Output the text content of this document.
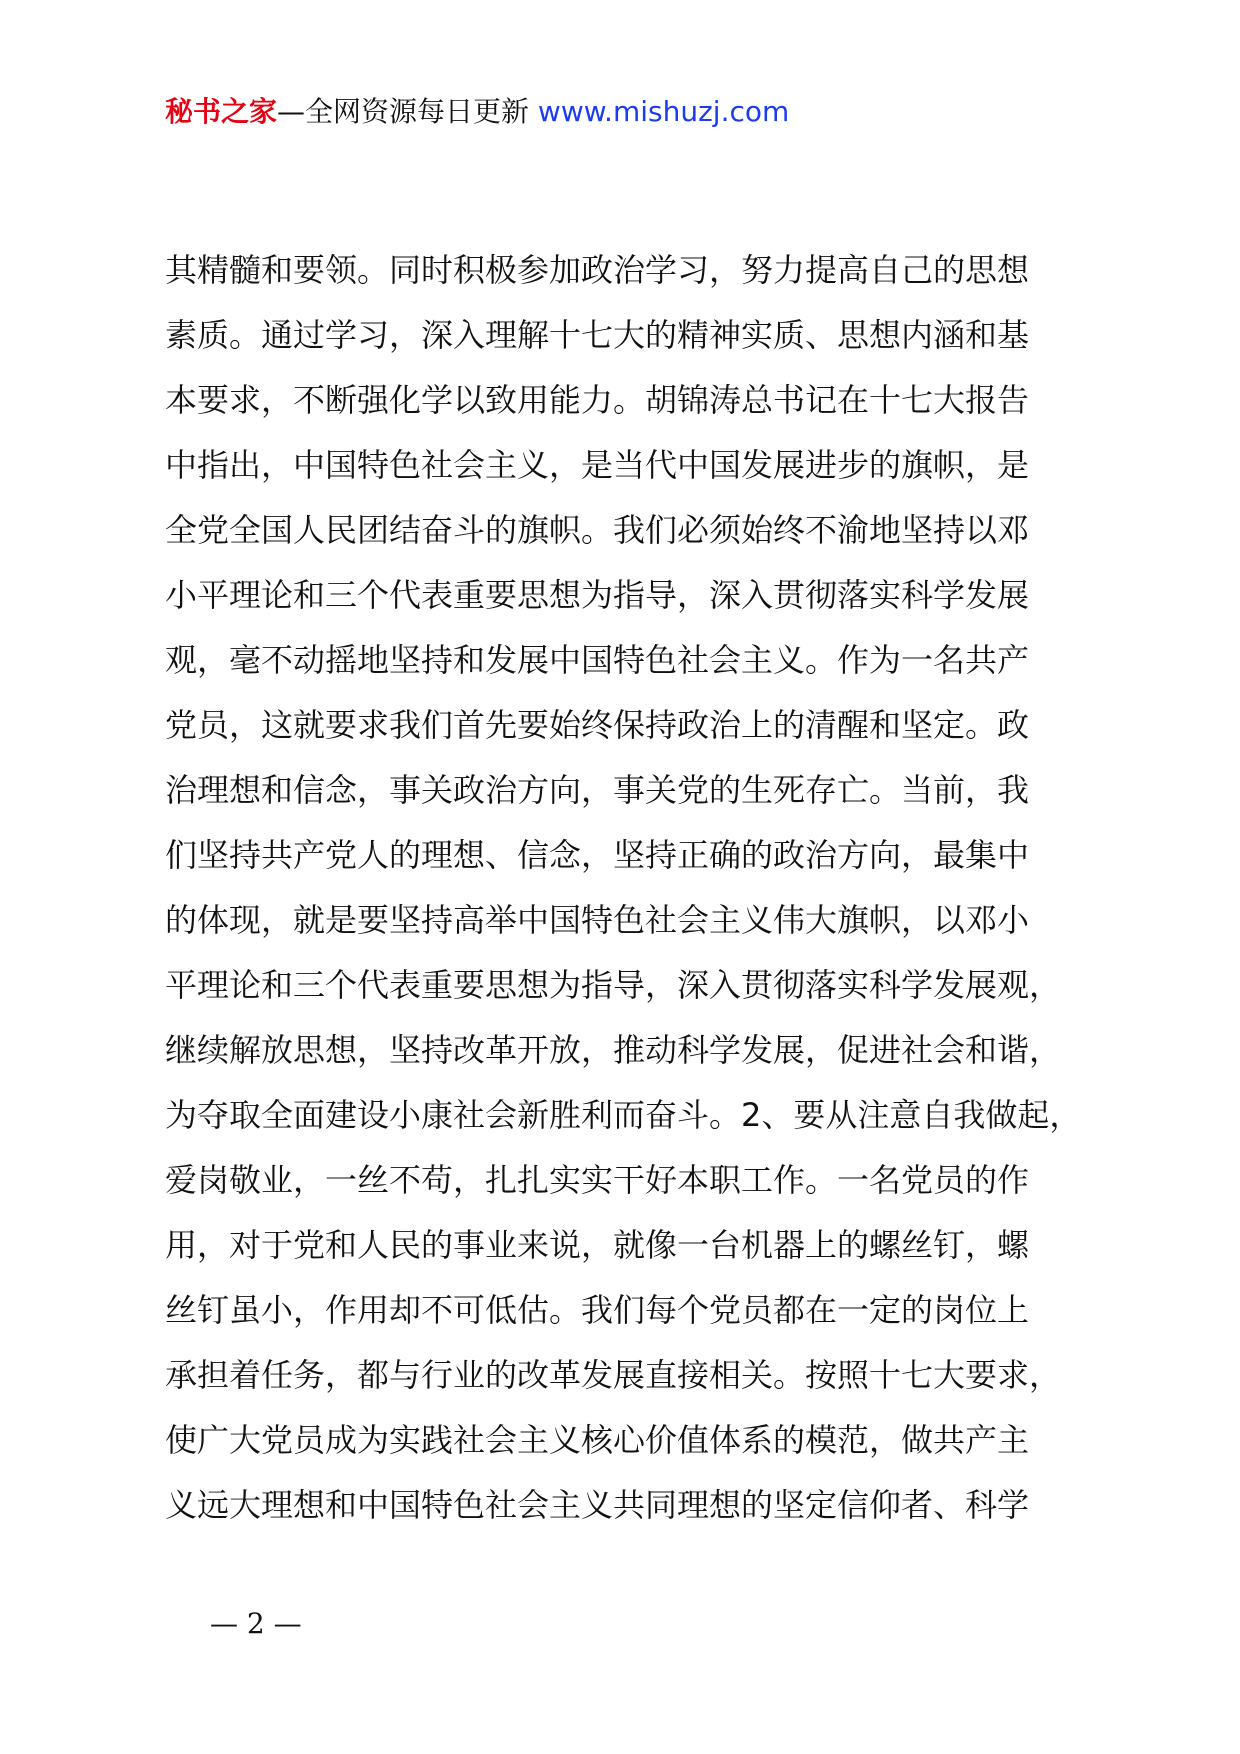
秘书之家—全网资源每日更新 www.mishuzj.com
其精髓和要领。同时积极参加政治学习，努力提高自己的思想
素质。通过学习，深入理解十七大的精神实质、思想内涵和基
本要求，不断强化学以致用能力。胡锦涛总书记在十七大报告
中指出，中国特色社会主义，是当代中国发展进步的旗帜，是
全党全国人民团结奋斗的旗帜。我们必须始终不渝地坚持以邓
小平理论和三个代表重要思想为指导，深入贯彻落实科学发展
观，毫不动摇地坚持和发展中国特色社会主义。作为一名共产
党员，这就要求我们首先要始终保持政治上的清醒和坚定。政
治理想和信念，事关政治方向，事关党的生死存亡。当前，我
们坚持共产党人的理想、信念，坚持正确的政治方向，最集中
的体现，就是要坚持高举中国特色社会主义伟大旗帜，以邓小
平理论和三个代表重要思想为指导，深入贯彻落实科学发展观，
继续解放思想，坚持改革开放，推动科学发展，促进社会和谐，
为夺取全面建设小康社会新胜利而奋斗。2、要从注意自我做起，
爱岗敬业，一丝不苟，扎扎实实干好本职工作。一名党员的作
用，对于党和人民的事业来说，就像一台机器上的螺丝钉，螺
丝钉虽小，作用却不可低估。我们每个党员都在一定的岗位上
承担着任务，都与行业的改革发展直接相关。按照十七大要求，
使广大党员成为实践社会主义核心价值体系的模范，做共产主
义远大理想和中国特色社会主义共同理想的坚定信仰者、科学
— 2 —
